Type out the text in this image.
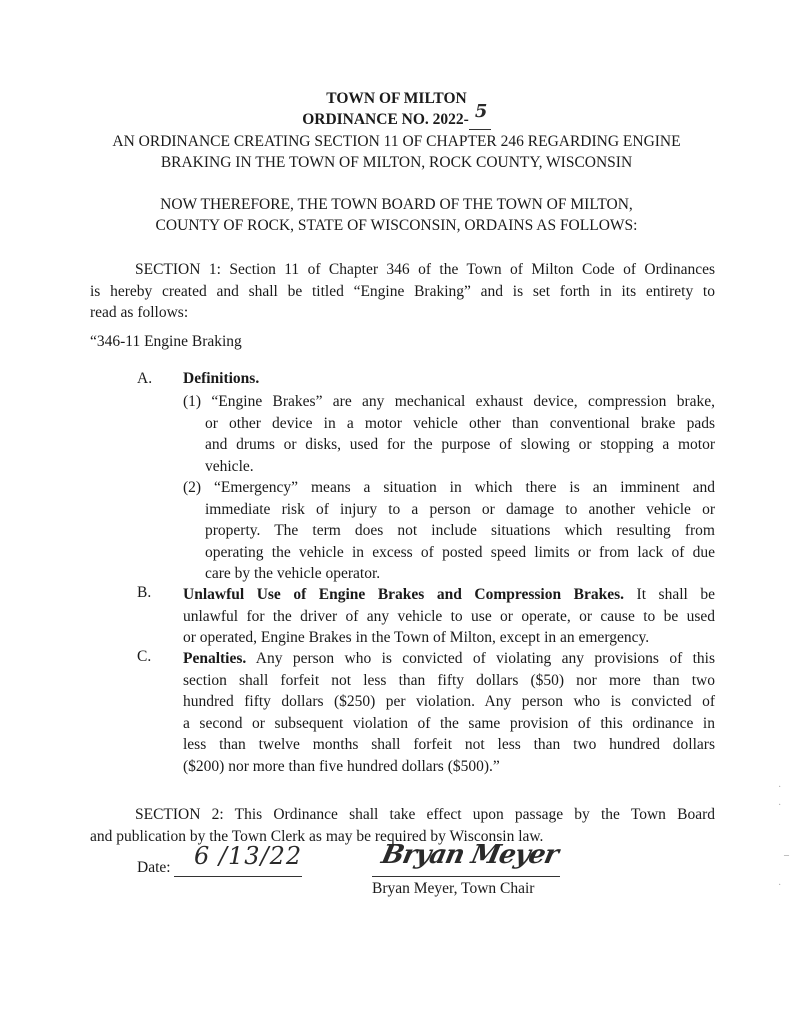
TOWN OF MILTON
ORDINANCE NO. 2022- 5

AN ORDINANCE CREATING SECTION 11 OF CHAPTER 246 REGARDING ENGINE
BRAKING IN THE TOWN OF MILTON, ROCK COUNTY, WISCONSIN
NOW THEREFORE, THE TOWN BOARD OF THE TOWN OF MILTON,
COUNTY OF ROCK, STATE OF WISCONSIN, ORDAINS AS FOLLOWS:
SECTION 1: Section 11 of Chapter 346 of the Town of Milton Code of Ordinances
is hereby created and shall be titled “Engine Braking” and is set forth in its entirety to
read as follows:
“346-11 Engine Braking
A. Definitions.
(1) “Engine Brakes” are any mechanical exhaust device, compression brake,
or other device in a motor vehicle other than conventional brake pads
and drums or disks, used for the purpose of slowing or stopping a motor
vehicle.
(2) “Emergency” means a situation in which there is an imminent and
immediate risk of injury to a person or damage to another vehicle or
property. The term does not include situations which resulting from
operating the vehicle in excess of posted speed limits or from lack of due
care by the vehicle operator.
B. Unlawful Use of Engine Brakes and Compression Brakes. It shall be
unlawful for the driver of any vehicle to use or operate, or cause to be used
or operated, Engine Brakes in the Town of Milton, except in an emergency.
C. Penalties. Any person who is convicted of violating any provisions of this
section shall forfeit not less than fifty dollars ($50) nor more than two
hundred fifty dollars ($250) per violation. Any person who is convicted of
a second or subsequent violation of the same provision of this ordinance in
less than twelve months shall forfeit not less than two hundred dollars
($200) nor more than five hundred dollars ($500).”
SECTION 2: This Ordinance shall take effect upon passage by the Town Board
and publication by the Town Clerk as may be required by Wisconsin law.
Date: 6 /13/22	Bryan Meyer
Bryan Meyer, Town Chair
·
·
–
·
